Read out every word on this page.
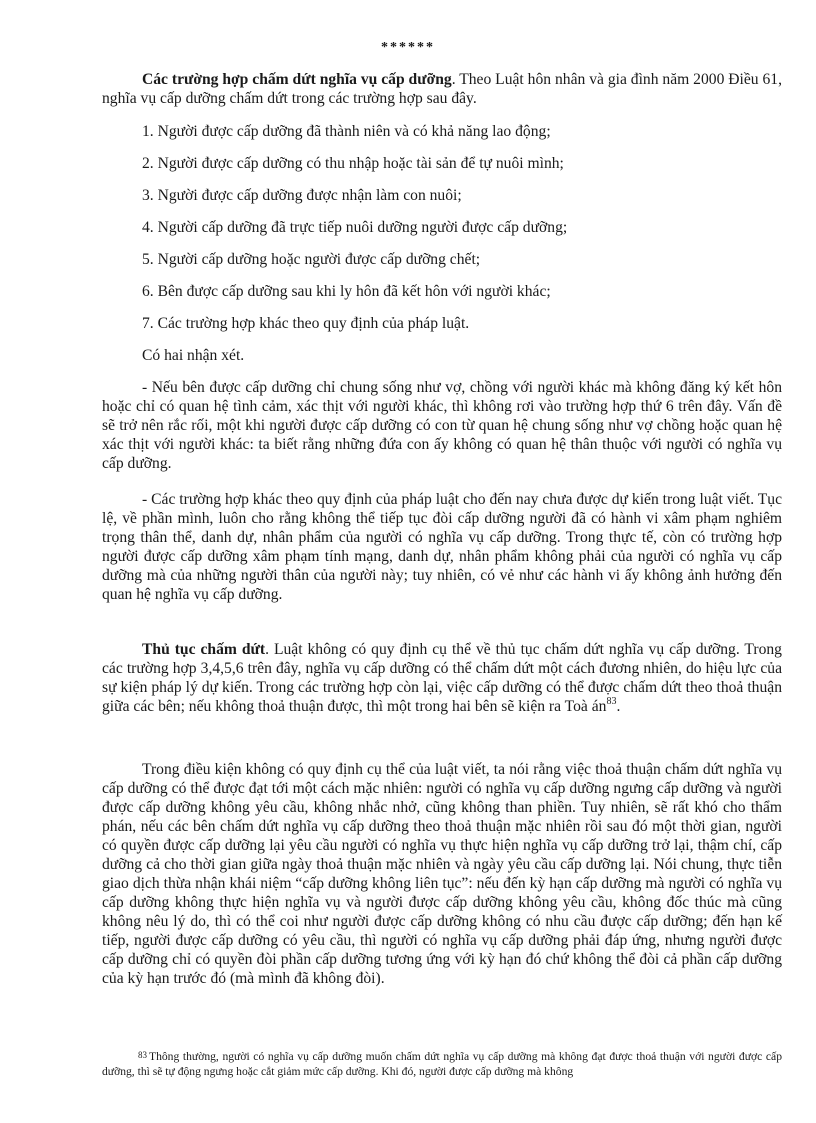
******

Các trường hợp chấm dứt nghĩa vụ cấp dưỡng. Theo Luật hôn nhân và gia đình năm 2000 Điều 61, nghĩa vụ cấp dưỡng chấm dứt trong các trường hợp sau đây.

1. Người được cấp dưỡng đã thành niên và có khả năng lao động;

2. Người được cấp dưỡng có thu nhập hoặc tài sản để tự nuôi mình;

3. Người được cấp dưỡng được nhận làm con nuôi;

4. Người cấp dưỡng đã trực tiếp nuôi dưỡng người được cấp dưỡng;

5. Người cấp dưỡng hoặc người được cấp dưỡng chết;

6. Bên được cấp dưỡng sau khi ly hôn đã kết hôn với người khác;

7. Các trường hợp khác theo quy định của pháp luật.

Có hai nhận xét.

- Nếu bên được cấp dưỡng chỉ chung sống như vợ, chồng với người khác mà không đăng ký kết hôn hoặc chỉ có quan hệ tình cảm, xác thịt với người khác, thì không rơi vào trường hợp thứ 6 trên đây. Vấn đề sẽ trở nên rắc rối, một khi người được cấp dưỡng có con từ quan hệ chung sống như vợ chồng hoặc quan hệ xác thịt với người khác: ta biết rằng những đứa con ấy không có quan hệ thân thuộc với người có nghĩa vụ cấp dưỡng.

- Các trường hợp khác theo quy định của pháp luật cho đến nay chưa được dự kiến trong luật viết. Tục lệ, về phần mình, luôn cho rằng không thể tiếp tục đòi cấp dưỡng người đã có hành vi xâm phạm nghiêm trọng thân thể, danh dự, nhân phẩm của người có nghĩa vụ cấp dưỡng. Trong thực tế, còn có trường hợp người được cấp dưỡng xâm phạm tính mạng, danh dự, nhân phẩm không phải của người có nghĩa vụ cấp dưỡng mà của những người thân của người này; tuy nhiên, có vẻ như các hành vi ấy không ảnh hưởng đến quan hệ nghĩa vụ cấp dưỡng.

Thủ tục chấm dứt. Luật không có quy định cụ thể về thủ tục chấm dứt nghĩa vụ cấp dưỡng. Trong các trường hợp 3,4,5,6 trên đây, nghĩa vụ cấp dưỡng có thể chấm dứt một cách đương nhiên, do hiệu lực của sự kiện pháp lý dự kiến. Trong các trường hợp còn lại, việc cấp dưỡng có thể được chấm dứt theo thoả thuận giữa các bên; nếu không thoả thuận được, thì một trong hai bên sẽ kiện ra Toà $án^{83}$.

Trong điều kiện không có quy định cụ thể của luật viết, ta nói rằng việc thoả thuận chấm dứt nghĩa vụ cấp dưỡng có thể được đạt tới một cách mặc nhiên: người có nghĩa vụ cấp dưỡng ngưng cấp dưỡng và người được cấp dưỡng không yêu cầu, không nhắc nhở, cũng không than phiền. Tuy nhiên, sẽ rất khó cho thẩm phán, nếu các bên chấm dứt nghĩa vụ cấp dưỡng theo thoả thuận mặc nhiên rồi sau đó một thời gian, người có quyền được cấp dưỡng lại yêu cầu người có nghĩa vụ thực hiện nghĩa vụ cấp dưỡng trở lại, thậm chí, cấp dưỡng cả cho thời gian giữa ngày thoả thuận mặc nhiên và ngày yêu cầu cấp dưỡng lại. Nói chung, thực tiễn giao dịch thừa nhận khái niệm “cấp dưỡng không liên tục”: nếu đến kỳ hạn cấp dưỡng mà người có nghĩa vụ cấp dưỡng không thực hiện nghĩa vụ và người được cấp dưỡng không yêu cầu, không đốc thúc mà cũng không nêu lý do, thì có thể coi như người được cấp dưỡng không có nhu cầu được cấp dưỡng; đến hạn kế tiếp, người được cấp dưỡng có yêu cầu, thì người có nghĩa vụ cấp dưỡng phải đáp ứng, nhưng người được cấp dưỡng chỉ có quyền đòi phần cấp dưỡng tương ứng với kỳ hạn đó chứ không thể đòi cả phần cấp dưỡng của kỳ hạn trước đó (mà mình đã không đòi).

83 Thông thường, người có nghĩa vụ cấp dưỡng muốn chấm dứt nghĩa vụ cấp dưỡng mà không đạt được thoả thuận với người được cấp dưỡng, thì sẽ tự động ngưng hoặc cắt giảm mức cấp dưỡng. Khi đó, người được cấp dưỡng mà không
